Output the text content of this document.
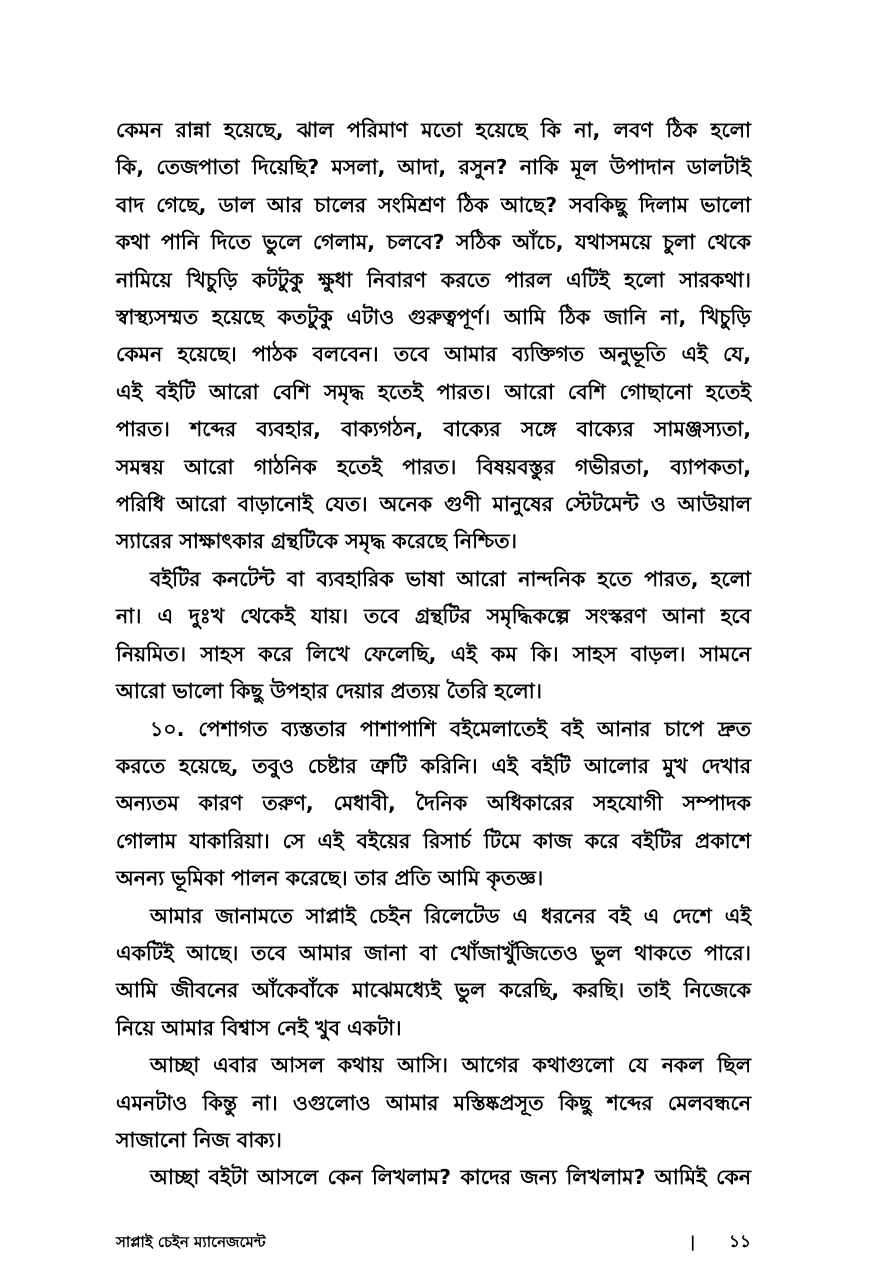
কেমন রান্না হয়েছে, ঝাল পরিমাণ মতো হয়েছে কি না, লবণ ঠিক হলো
কি, তেজপাতা দিয়েছি? মসলা, আদা, রসুন? নাকি মূল উপাদান ডালটাই
বাদ গেছে, ডাল আর চালের সংমিশ্রণ ঠিক আছে? সবকিছু দিলাম ভালো
কথা পানি দিতে ভুলে গেলাম, চলবে? সঠিক আঁচে, যথাসময়ে চুলা থেকে
নামিয়ে খিচুড়ি কটটুকু ক্ষুধা নিবারণ করতে পারল এটিই হলো সারকথা।
স্বাস্থ্যসম্মত হয়েছে কতটুকু এটাও গুরুত্বপূর্ণ। আমি ঠিক জানি না, খিচুড়ি
কেমন হয়েছে। পাঠক বলবেন। তবে আমার ব্যক্তিগত অনুভূতি এই যে,
এই বইটি আরো বেশি সমৃদ্ধ হতেই পারত। আরো বেশি গোছানো হতেই
পারত। শব্দের ব্যবহার, বাক্যগঠন, বাক্যের সঙ্গে বাক্যের সামঞ্জস্যতা,
সমন্বয় আরো গাঠনিক হতেই পারত। বিষয়বস্তুর গভীরতা, ব্যাপকতা,
পরিধি আরো বাড়ানোই যেত। অনেক গুণী মানুষের স্টেটমেন্ট ও আউয়াল
স্যারের সাক্ষাৎকার গ্রন্থটিকে সমৃদ্ধ করেছে নিশ্চিত।
বইটির কনটেন্ট বা ব্যবহারিক ভাষা আরো নান্দনিক হতে পারত, হলো
না। এ দুঃখ থেকেই যায়। তবে গ্রন্থটির সমৃদ্ধিকল্পে সংস্করণ আনা হবে
নিয়মিত। সাহস করে লিখে ফেলেছি, এই কম কি। সাহস বাড়ল। সামনে
আরো ভালো কিছু উপহার দেয়ার প্রত্যয় তৈরি হলো।
১০. পেশাগত ব্যস্ততার পাশাপাশি বইমেলাতেই বই আনার চাপে দ্রুত
করতে হয়েছে, তবুও চেষ্টার ত্রুটি করিনি। এই বইটি আলোর মুখ দেখার
অন্যতম কারণ তরুণ, মেধাবী, দৈনিক অধিকারের সহযোগী সম্পাদক
গোলাম যাকারিয়া। সে এই বইয়ের রিসার্চ টিমে কাজ করে বইটির প্রকাশে
অনন্য ভূমিকা পালন করেছে। তার প্রতি আমি কৃতজ্ঞ।
আমার জানামতে সাপ্লাই চেইন রিলেটেড এ ধরনের বই এ দেশে এই
একটিই আছে। তবে আমার জানা বা খোঁজাখুঁজিতেও ভুল থাকতে পারে।
আমি জীবনের আঁকেবাঁকে মাঝেমধ্যেই ভুল করেছি, করছি। তাই নিজেকে
নিয়ে আমার বিশ্বাস নেই খুব একটা।
আচ্ছা এবার আসল কথায় আসি। আগের কথাগুলো যে নকল ছিল
এমনটাও কিন্তু না। ওগুলোও আমার মস্তিষ্কপ্রসূত কিছু শব্দের মেলবন্ধনে
সাজানো নিজ বাক্য।
আচ্ছা বইটা আসলে কেন লিখলাম? কাদের জন্য লিখলাম? আমিই কেন
সাপ্লাই চেইন ম্যানেজমেন্ট	| ১১
